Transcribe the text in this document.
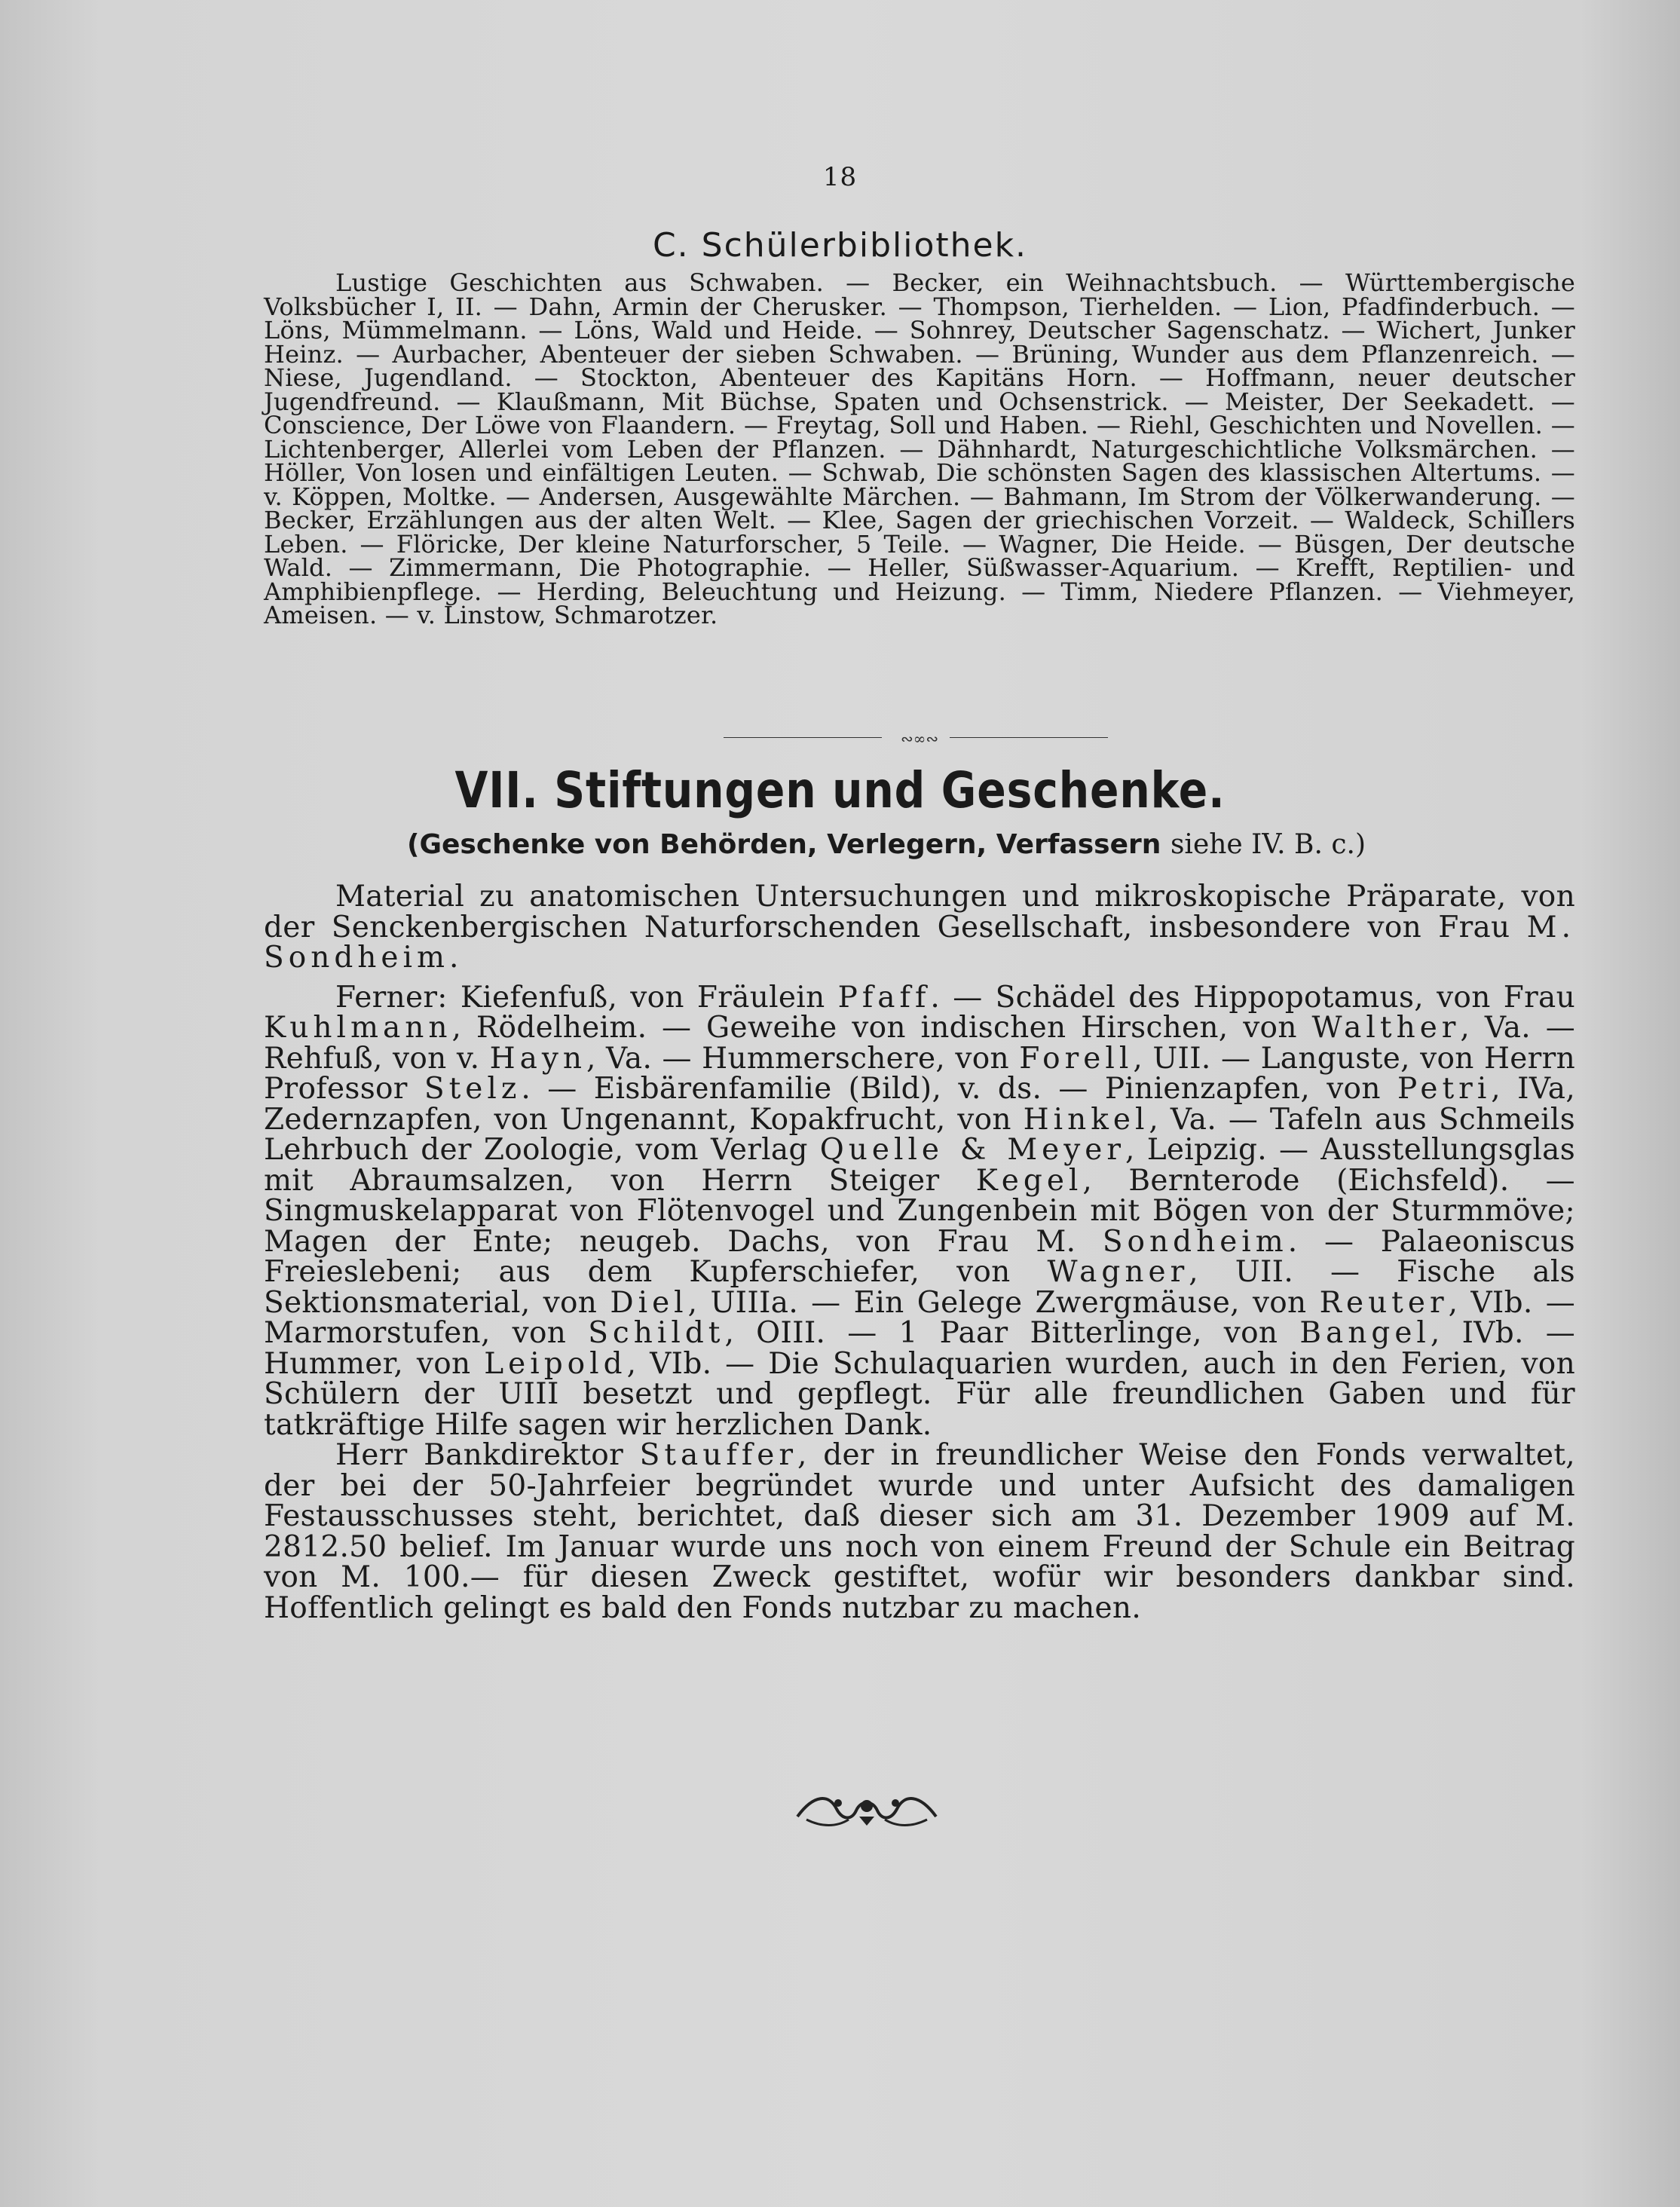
18
C. Schülerbibliothek.

Lustige Geschichten aus Schwaben. — Becker, ein Weihnachtsbuch. — Württembergische Volksbücher I, II. — Dahn, Armin der Cherusker. — Thompson, Tierhelden. — Lion, Pfadfinderbuch. — Löns, Mümmelmann. — Löns, Wald und Heide. — Sohnrey, Deutscher Sagenschatz. — Wichert, Junker Heinz. — Aurbacher, Abenteuer der sieben Schwaben. — Brüning, Wunder aus dem Pflanzenreich. — Niese, Jugendland. — Stockton, Abenteuer des Kapitäns Horn. — Hoffmann, neuer deutscher Jugendfreund. — Klaußmann, Mit Büchse, Spaten und Ochsenstrick. — Meister, Der Seekadett. — Conscience, Der Löwe von Flaandern. — Freytag, Soll und Haben. — Riehl, Geschichten und Novellen. — Lichtenberger, Allerlei vom Leben der Pflanzen. — Dähnhardt, Naturgeschichtliche Volksmärchen. — Höller, Von losen und einfältigen Leuten. — Schwab, Die schönsten Sagen des klassischen Altertums. — v. Köppen, Moltke. — Andersen, Ausgewählte Märchen. — Bahmann, Im Strom der Völkerwanderung. — Becker, Erzählungen aus der alten Welt. — Klee, Sagen der griechischen Vorzeit. — Waldeck, Schillers Leben. — Flöricke, Der kleine Naturforscher, 5 Teile. — Wagner, Die Heide. — Büsgen, Der deutsche Wald. — Zimmermann, Die Photographie. — Heller, Süßwasser-Aquarium. — Krefft, Reptilien- und Amphibienpflege. — Herding, Beleuchtung und Heizung. — Timm, Niedere Pflanzen. — Viehmeyer, Ameisen. — v. Linstow, Schmarotzer.

∾∞∾
VII. Stiftungen und Geschenke.
(Geschenke von Behörden, Verlegern, Verfassern siehe IV. B. c.)

Material zu anatomischen Untersuchungen und mikroskopische Präparate, von der Senckenbergischen Naturforschenden Gesellschaft, insbesondere von Frau M. Sondheim.

Ferner: Kiefenfuß, von Fräulein Pfaff. — Schädel des Hippopotamus, von Frau Kuhlmann, Rödelheim. — Geweihe von indischen Hirschen, von Walther, Va. — Rehfuß, von v. Hayn, Va. — Hummerschere, von Forell, UII. — Languste, von Herrn Professor Stelz. — Eisbärenfamilie (Bild), v. ds. — Pinienzapfen, von Petri, IVa, Zedernzapfen, von Ungenannt, Kopakfrucht, von Hinkel, Va. — Tafeln aus Schmeils Lehrbuch der Zoologie, vom Verlag Quelle & Meyer, Leipzig. — Ausstellungsglas mit Abraumsalzen, von Herrn Steiger Kegel, Bernterode (Eichsfeld). — Singmuskelapparat von Flötenvogel und Zungenbein mit Bögen von der Sturmmöve; Magen der Ente; neugeb. Dachs, von Frau M. Sondheim. — Palaeoniscus Freieslebeni; aus dem Kupferschiefer, von Wagner, UII. — Fische als Sektionsmaterial, von Diel, UIIIa. — Ein Gelege Zwergmäuse, von Reuter, VIb. — Marmorstufen, von Schildt, OIII. — 1 Paar Bitterlinge, von Bangel, IVb. — Hummer, von Leipold, VIb. — Die Schulaquarien wurden, auch in den Ferien, von Schülern der UIII besetzt und gepflegt. Für alle freundlichen Gaben und für tatkräftige Hilfe sagen wir herzlichen Dank.

Herr Bankdirektor Stauffer, der in freundlicher Weise den Fonds verwaltet, der bei der 50-Jahrfeier begründet wurde und unter Aufsicht des damaligen Festausschusses steht, berichtet, daß dieser sich am 31. Dezember 1909 auf M. 2812.50 belief. Im Januar wurde uns noch von einem Freund der Schule ein Beitrag von M. 100.— für diesen Zweck gestiftet, wofür wir besonders dankbar sind. Hoffentlich gelingt es bald den Fonds nutzbar zu machen.
